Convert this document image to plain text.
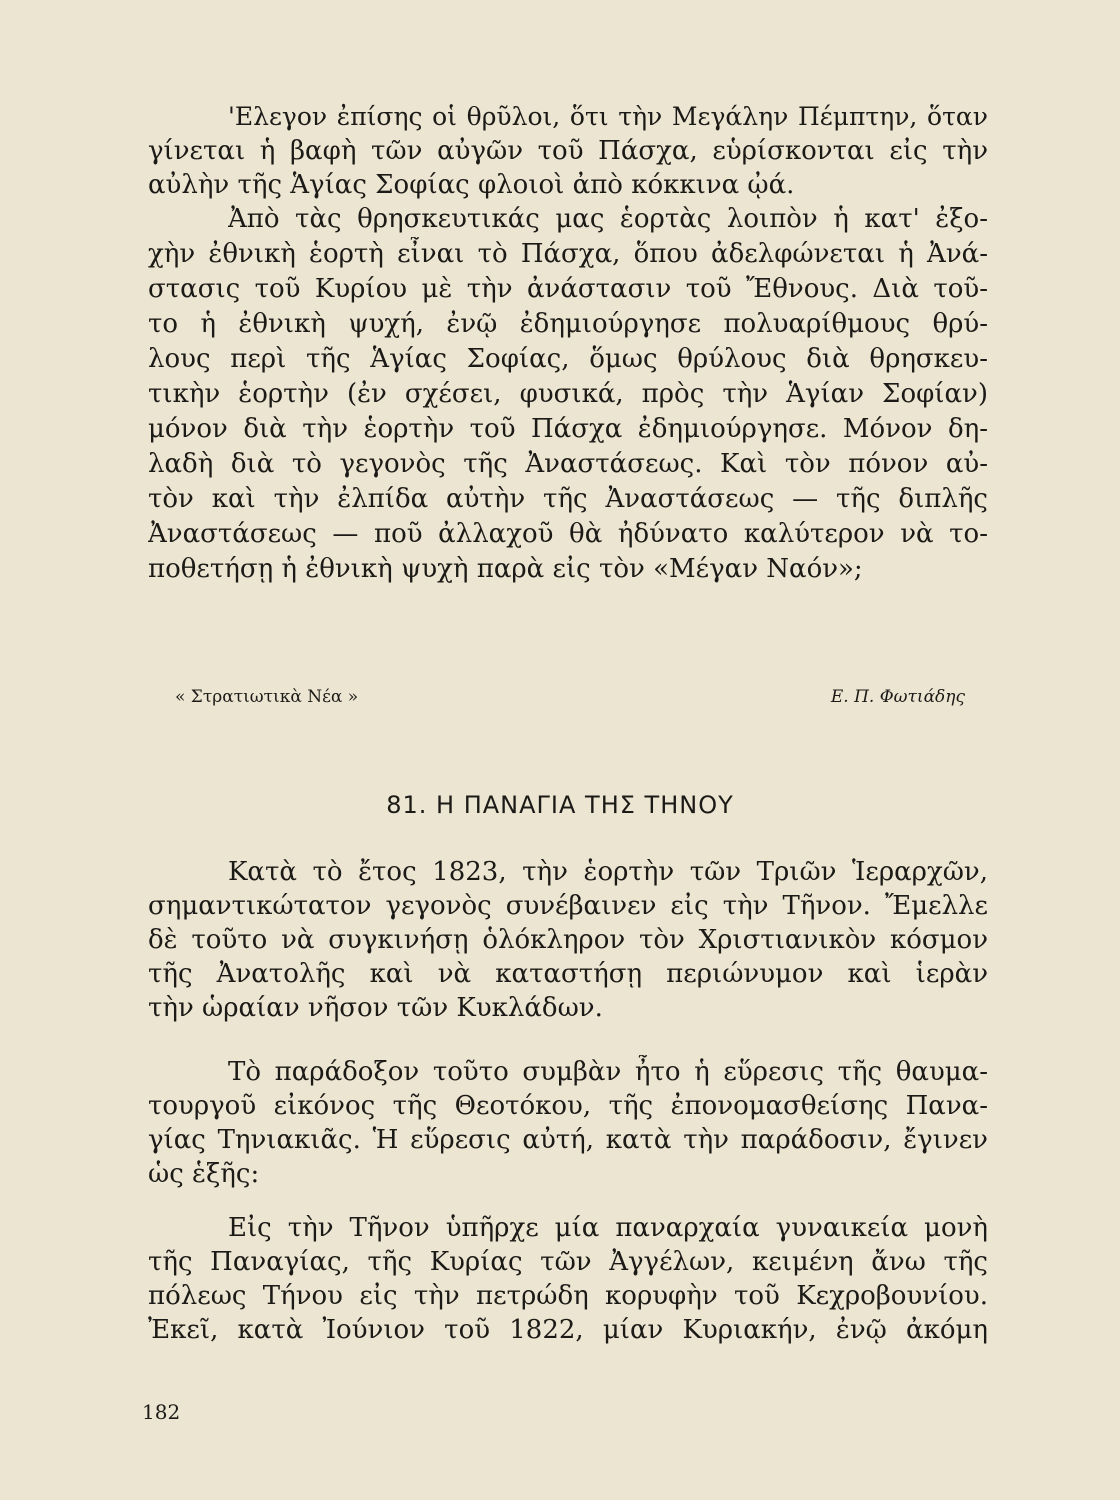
'Ελεγον ἐπίσης οἱ θρῦλοι, ὅτι τὴν Μεγάλην Πέμπτην, ὅταν
γίνεται ἡ βαφὴ τῶν αὐγῶν τοῦ Πάσχα, εὑρίσκονται εἰς τὴν
αὐλὴν τῆς Ἁγίας Σοφίας φλοιοὶ ἀπὸ κόκκινα ᾠά.
Ἀπὸ τὰς θρησκευτικάς μας ἑορτὰς λοιπὸν ἡ κατ' ἐξο-
χὴν ἐθνικὴ ἑορτὴ εἶναι τὸ Πάσχα, ὅπου ἀδελφώνεται ἡ Ἀνά-
στασις τοῦ Κυρίου μὲ τὴν ἀνάστασιν τοῦ Ἔθνους. Διὰ τοῦ-
το ἡ ἐθνικὴ ψυχή, ἐνῷ ἐδημιούργησε πολυαρίθμους θρύ-
λους περὶ τῆς Ἁγίας Σοφίας, ὅμως θρύλους διὰ θρησκευ-
τικὴν ἑορτὴν (ἐν σχέσει, φυσικά, πρὸς τὴν Ἁγίαν Σοφίαν)
μόνον διὰ τὴν ἑορτὴν τοῦ Πάσχα ἐδημιούργησε. Μόνον δη-
λαδὴ διὰ τὸ γεγονὸς τῆς Ἀναστάσεως. Καὶ τὸν πόνον αὐ-
τὸν καὶ τὴν ἐλπίδα αὐτὴν τῆς Ἀναστάσεως — τῆς διπλῆς
Ἀναστάσεως — ποῦ ἀλλαχοῦ θὰ ἠδύνατο καλύτερον νὰ το-
ποθετήσῃ ἡ ἐθνικὴ ψυχὴ παρὰ εἰς τὸν «Μέγαν Ναόν»;
« Στρατιωτικὰ Νέα »	Ε. Π. Φωτιάδης
81. Η ΠΑΝΑΓΙΑ ΤΗΣ ΤΗΝΟΥ
Κατὰ τὸ ἔτος 1823, τὴν ἑορτὴν τῶν Τριῶν Ἱεραρχῶν,
σημαντικώτατον γεγονὸς συνέβαινεν εἰς τὴν Τῆνον. Ἔμελλε
δὲ τοῦτο νὰ συγκινήσῃ ὁλόκληρον τὸν Χριστιανικὸν κόσμον
τῆς Ἀνατολῆς καὶ νὰ καταστήσῃ περιώνυμον καὶ ἱερὰν
τὴν ὡραίαν νῆσον τῶν Κυκλάδων.
Τὸ παράδοξον τοῦτο συμβὰν ἦτο ἡ εὕρεσις τῆς θαυμα-
τουργοῦ εἰκόνος τῆς Θεοτόκου, τῆς ἐπονομασθείσης Πανα-
γίας Τηνιακιᾶς. Ἡ εὕρεσις αὐτή, κατὰ τὴν παράδοσιν, ἔγινεν
ὡς ἑξῆς:
Εἰς τὴν Τῆνον ὑπῆρχε μία παναρχαία γυναικεία μονὴ
τῆς Παναγίας, τῆς Κυρίας τῶν Ἀγγέλων, κειμένη ἄνω τῆς
πόλεως Τήνου εἰς τὴν πετρώδη κορυφὴν τοῦ Κεχροβουνίου.
Ἐκεῖ, κατὰ Ἰούνιον τοῦ 1822, μίαν Κυριακήν, ἐνῷ ἀκόμη
182
